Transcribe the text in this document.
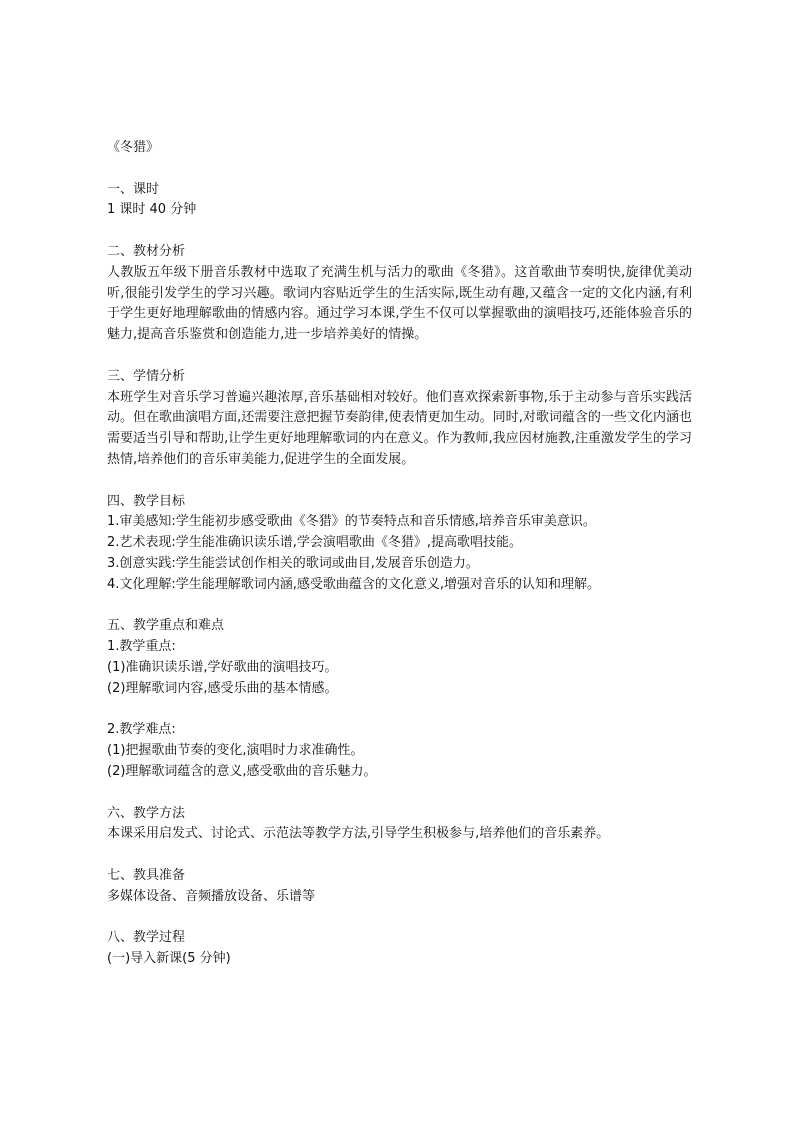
《冬猎》
一、课时
1 课时 40 分钟
二、教材分析
人教版五年级下册音乐教材中选取了充满生机与活力的歌曲《冬猎》。这首歌曲节奏明快,旋律优美动听,很能引发学生的学习兴趣。歌词内容贴近学生的生活实际,既生动有趣,又蕴含一定的文化内涵,有利于学生更好地理解歌曲的情感内容。通过学习本课,学生不仅可以掌握歌曲的演唱技巧,还能体验音乐的魅力,提高音乐鉴赏和创造能力,进一步培养美好的情操。
三、学情分析
本班学生对音乐学习普遍兴趣浓厚,音乐基础相对较好。他们喜欢探索新事物,乐于主动参与音乐实践活动。但在歌曲演唱方面,还需要注意把握节奏韵律,使表情更加生动。同时,对歌词蕴含的一些文化内涵也需要适当引导和帮助,让学生更好地理解歌词的内在意义。作为教师,我应因材施教,注重激发学生的学习热情,培养他们的音乐审美能力,促进学生的全面发展。
四、教学目标
1.审美感知:学生能初步感受歌曲《冬猎》的节奏特点和音乐情感,培养音乐审美意识。
2.艺术表现:学生能准确识读乐谱,学会演唱歌曲《冬猎》,提高歌唱技能。
3.创意实践:学生能尝试创作相关的歌词或曲目,发展音乐创造力。
4.文化理解:学生能理解歌词内涵,感受歌曲蕴含的文化意义,增强对音乐的认知和理解。
五、教学重点和难点
1.教学重点:
(1)准确识读乐谱,学好歌曲的演唱技巧。
(2)理解歌词内容,感受乐曲的基本情感。
2.教学难点:
(1)把握歌曲节奏的变化,演唱时力求准确性。
(2)理解歌词蕴含的意义,感受歌曲的音乐魅力。
六、教学方法
本课采用启发式、讨论式、示范法等教学方法,引导学生积极参与,培养他们的音乐素养。
七、教具准备
多媒体设备、音频播放设备、乐谱等
八、教学过程
(一)导入新课(5 分钟)
